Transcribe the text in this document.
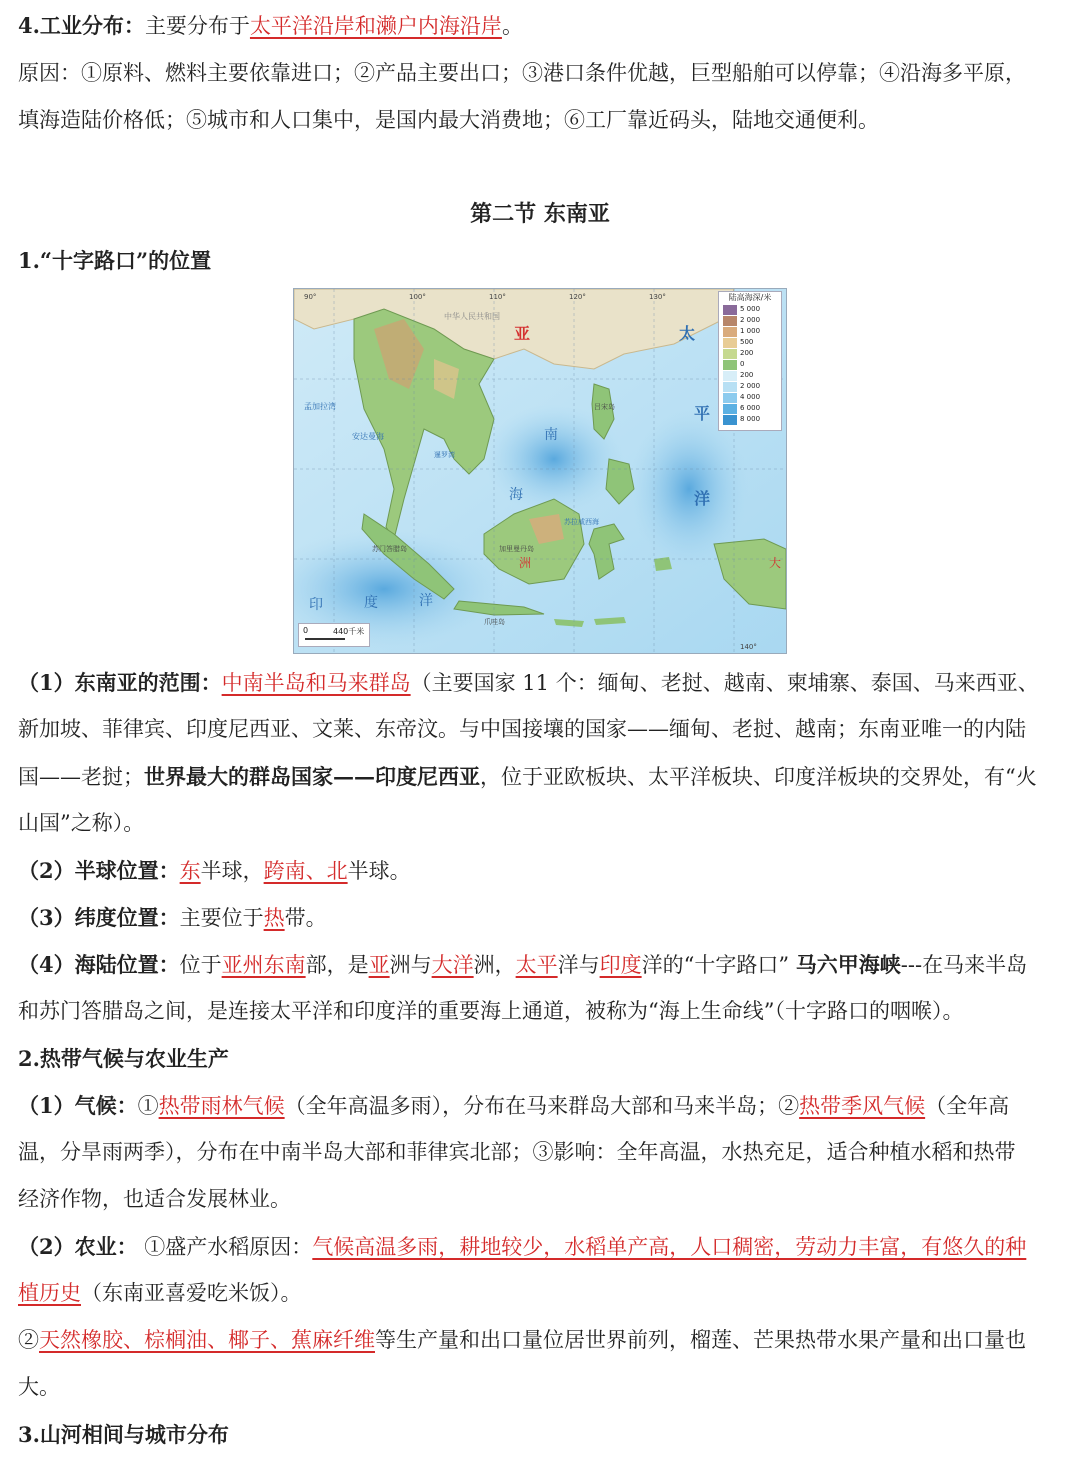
4.工业分布：主要分布于太平洋沿岸和濑户内海沿岸。
原因：①原料、燃料主要依靠进口；②产品主要出口；③港口条件优越，巨型船舶可以停靠；④沿海多平原，
填海造陆价格低；⑤城市和人口集中，是国内最大消费地；⑥工厂靠近码头，陆地交通便利。
第二节 东南亚
1.“十字路口”的位置
90°	100°	110°	120°	130°
140°
中华人民共和国
亚	太
平
洋
南
海
印	度	洋
洲
孟加拉湾
安达曼海
暹罗湾
苏拉威西海
吕宋岛
加里曼丹岛
苏门答腊岛
爪哇岛
大
陆高海深/米
5 000
2 000
1 000
500
200
0
200
2 000
4 000
6 000
8 000
0	440千米
（1）东南亚的范围：中南半岛和马来群岛（主要国家 11 个：缅甸、老挝、越南、柬埔寨、泰国、马来西亚、
新加坡、菲律宾、印度尼西亚、文莱、东帝汶。与中国接壤的国家——缅甸、老挝、越南；东南亚唯一的内陆
国——老挝；世界最大的群岛国家——印度尼西亚，位于亚欧板块、太平洋板块、印度洋板块的交界处，有“火
山国”之称）。
（2）半球位置：东半球，跨南、北半球。
（3）纬度位置：主要位于热带。
（4）海陆位置：位于亚州东南部，是亚洲与大洋洲，太平洋与印度洋的“十字路口” 马六甲海峡---在马来半岛
和苏门答腊岛之间，是连接太平洋和印度洋的重要海上通道，被称为“海上生命线”（十字路口的咽喉）。
2.热带气候与农业生产
（1）气候：①热带雨林气候（全年高温多雨），分布在马来群岛大部和马来半岛；②热带季风气候（全年高
温，分旱雨两季），分布在中南半岛大部和菲律宾北部；③影响：全年高温，水热充足，适合种植水稻和热带
经济作物，也适合发展林业。
（2）农业： ①盛产水稻原因：气候高温多雨，耕地较少，水稻单产高，人口稠密，劳动力丰富，有悠久的种
植历史（东南亚喜爱吃米饭）。
②天然橡胶、棕榈油、椰子、蕉麻纤维等生产量和出口量位居世界前列，榴莲、芒果热带水果产量和出口量也
大。
3.山河相间与城市分布
